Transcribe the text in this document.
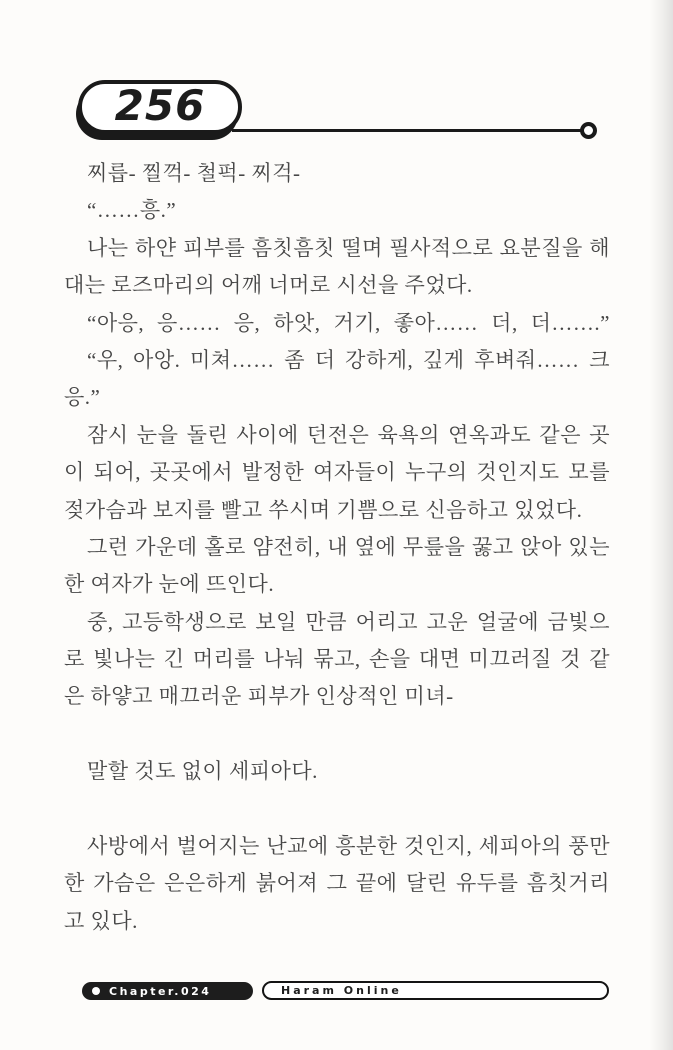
256
찌릅- 찔꺽- 철퍽- 찌걱-
“……흥.”
나는 하얀 피부를 흠칫흠칫 떨며 필사적으로 요분질을 해
대는 로즈마리의 어깨 너머로 시선을 주었다.
“아응, 응…… 응, 하앗, 거기, 좋아…… 더, 더…….”
“우, 아앙. 미쳐…… 좀 더 강하게, 깊게 후벼줘…… 크
응.”
잠시 눈을 돌린 사이에 던전은 육욕의 연옥과도 같은 곳
이 되어, 곳곳에서 발정한 여자들이 누구의 것인지도 모를
젖가슴과 보지를 빨고 쑤시며 기쁨으로 신음하고 있었다.
그런 가운데 홀로 얌전히, 내 옆에 무릎을 꿇고 앉아 있는
한 여자가 눈에 뜨인다.
중, 고등학생으로 보일 만큼 어리고 고운 얼굴에 금빛으
로 빛나는 긴 머리를 나눠 묶고, 손을 대면 미끄러질 것 같
은 하얗고 매끄러운 피부가 인상적인 미녀-
말할 것도 없이 세피아다.
사방에서 벌어지는 난교에 흥분한 것인지, 세피아의 풍만
한 가슴은 은은하게 붉어져 그 끝에 달린 유두를 흠칫거리
고 있다.
Chapter.024	Haram Online
